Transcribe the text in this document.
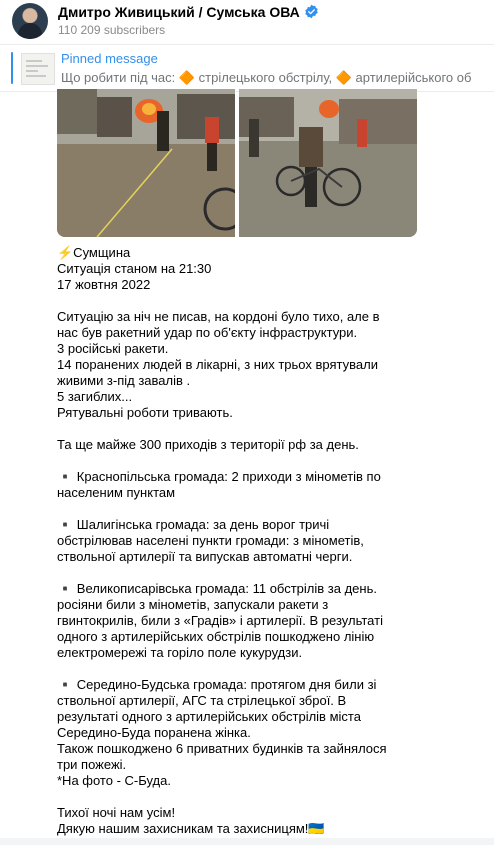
Дмитро Живицький / Сумська ОВА
110 209 subscribers
Pinned message
Що робити під час: 🔶 стрілецького обстрілу, 🔶 артилерійського об
⚡️Сумщина
Ситуація станом на 21:30
17 жовтня 2022
Ситуацію за ніч не писав, на кордоні було тихо, але в
нас був ракетний удар по об'єкту інфраструктури.
3 російські ракети.
14 поранених людей в лікарні, з них трьох врятували
живими з-під завалів .
5 загиблих...
Рятувальні роботи тривають.
Та ще майже 300 приходів з території рф за день.
▪️ Краснопільська громада: 2 приходи з мінометів по
населеним пунктам
▪️ Шалигінська громада: за день ворог тричі
обстрілював населені пункти громади: з мінометів,
ствольної артилерії та випускав автоматні черги.
▪️ Великописарівська громада: 11 обстрілів за день.
росіяни били з мінометів, запускали ракети з
гвинтокрилів, били з «Градів» і артилерії. В результаті
одного з артилерійських обстрілів пошкоджено лінію
електромережі та горіло поле кукурудзи.
▪️ Середино-Будська громада: протягом дня били зі
ствольної артилерії, АГС та стрілецької зброї. В
результаті одного з артилерійських обстрілів міста
Середино-Буда поранена жінка.
Також пошкоджено 6 приватних будинків та зайнялося
три пожежі.
*На фото - С-Буда.
Тихої ночі нам усім!
Дякую нашим захисникам та захисницям!🇺🇦
